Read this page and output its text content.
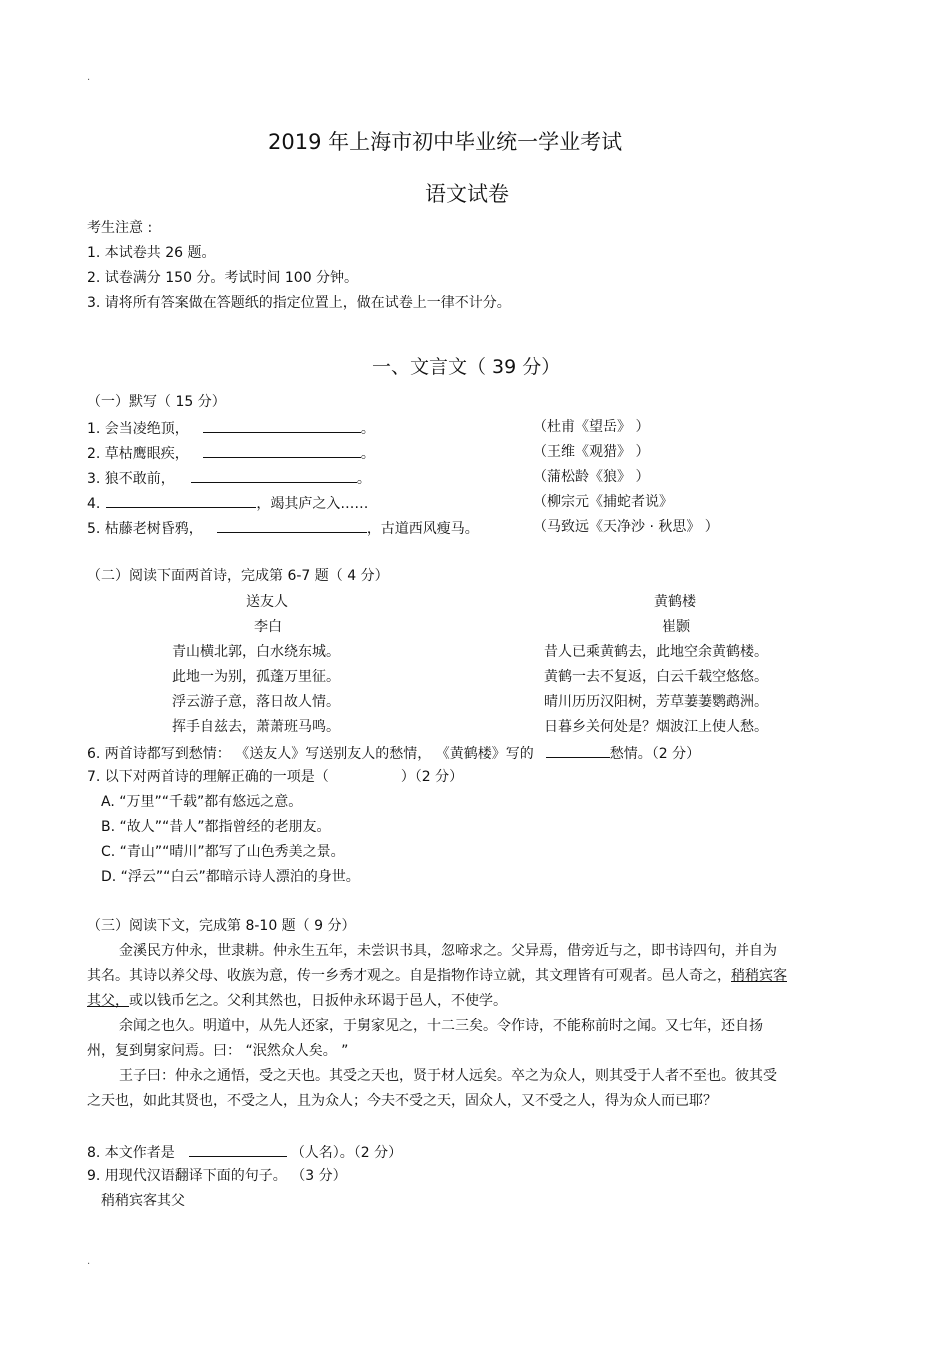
.
2019 年上海市初中毕业统一学业考试
语文试卷
考生注意 :
1. 本试卷共 26 题。
2. 试卷满分 150 分。考试时间 100 分钟。
3. 请将所有答案做在答题纸的指定位置上，做在试卷上一律不计分。
一、文言文（ 39 分）
（一）默写（ 15 分）
1. 会当凌绝顶，	。	（杜甫《望岳》 ）
2. 草枯鹰眼疾，	。	（王维《观猎》 ）
3. 狼不敢前，	。	（蒲松龄《狼》 ）
4.	，竭其庐之入……	（柳宗元《捕蛇者说》
5. 枯藤老树昏鸦，	，古道西风瘦马。	（马致远《天净沙 · 秋思》 ）
（二）阅读下面两首诗，完成第 6-7 题（ 4 分）
送友人
李白
青山横北郭，白水绕东城。
此地一为别，孤蓬万里征。
浮云游子意，落日故人情。
挥手自兹去，萧萧班马鸣。
黄鹤楼
崔颢
昔人已乘黄鹤去，此地空余黄鹤楼。
黄鹤一去不复返，白云千载空悠悠。
晴川历历汉阳树，芳草萋萋鹦鹉洲。
日暮乡关何处是？烟波江上使人愁。
6. 两首诗都写到愁情： 《送友人》写送别友人的愁情， 《黄鹤楼》写的	愁情。（2 分）
7. 以下对两首诗的理解正确的一项是（	）（2 分）
A. “万里”“千载”都有悠远之意。
B. “故人”“昔人”都指曾经的老朋友。
C. “青山”“晴川”都写了山色秀美之景。
D. “浮云”“白云”都暗示诗人漂泊的身世。
（三）阅读下文，完成第 8-10 题（ 9 分）
金溪民方仲永，世隶耕。仲永生五年，未尝识书具，忽啼求之。父异焉，借旁近与之，即书诗四句，并自为其名。其诗以养父母、收族为意，传一乡秀才观之。自是指物作诗立就，其文理皆有可观者。邑人奇之，稍稍宾客其父，或以钱币乞之。父利其然也，日扳仲永环谒于邑人，不使学。
余闻之也久。明道中，从先人还家，于舅家见之，十二三矣。令作诗，不能称前时之闻。又七年，还自扬州，复到舅家问焉。曰： “泯然众人矣。 ”
王子曰：仲永之通悟，受之天也。其受之天也，贤于材人远矣。卒之为众人，则其受于人者不至也。彼其受之天也，如此其贤也，不受之人，且为众人；今夫不受之天，固众人，又不受之人，得为众人而已耶？
8. 本文作者是	（人名）。（2 分）
9. 用现代汉语翻译下面的句子。 （3 分）
稍稍宾客其父
.
